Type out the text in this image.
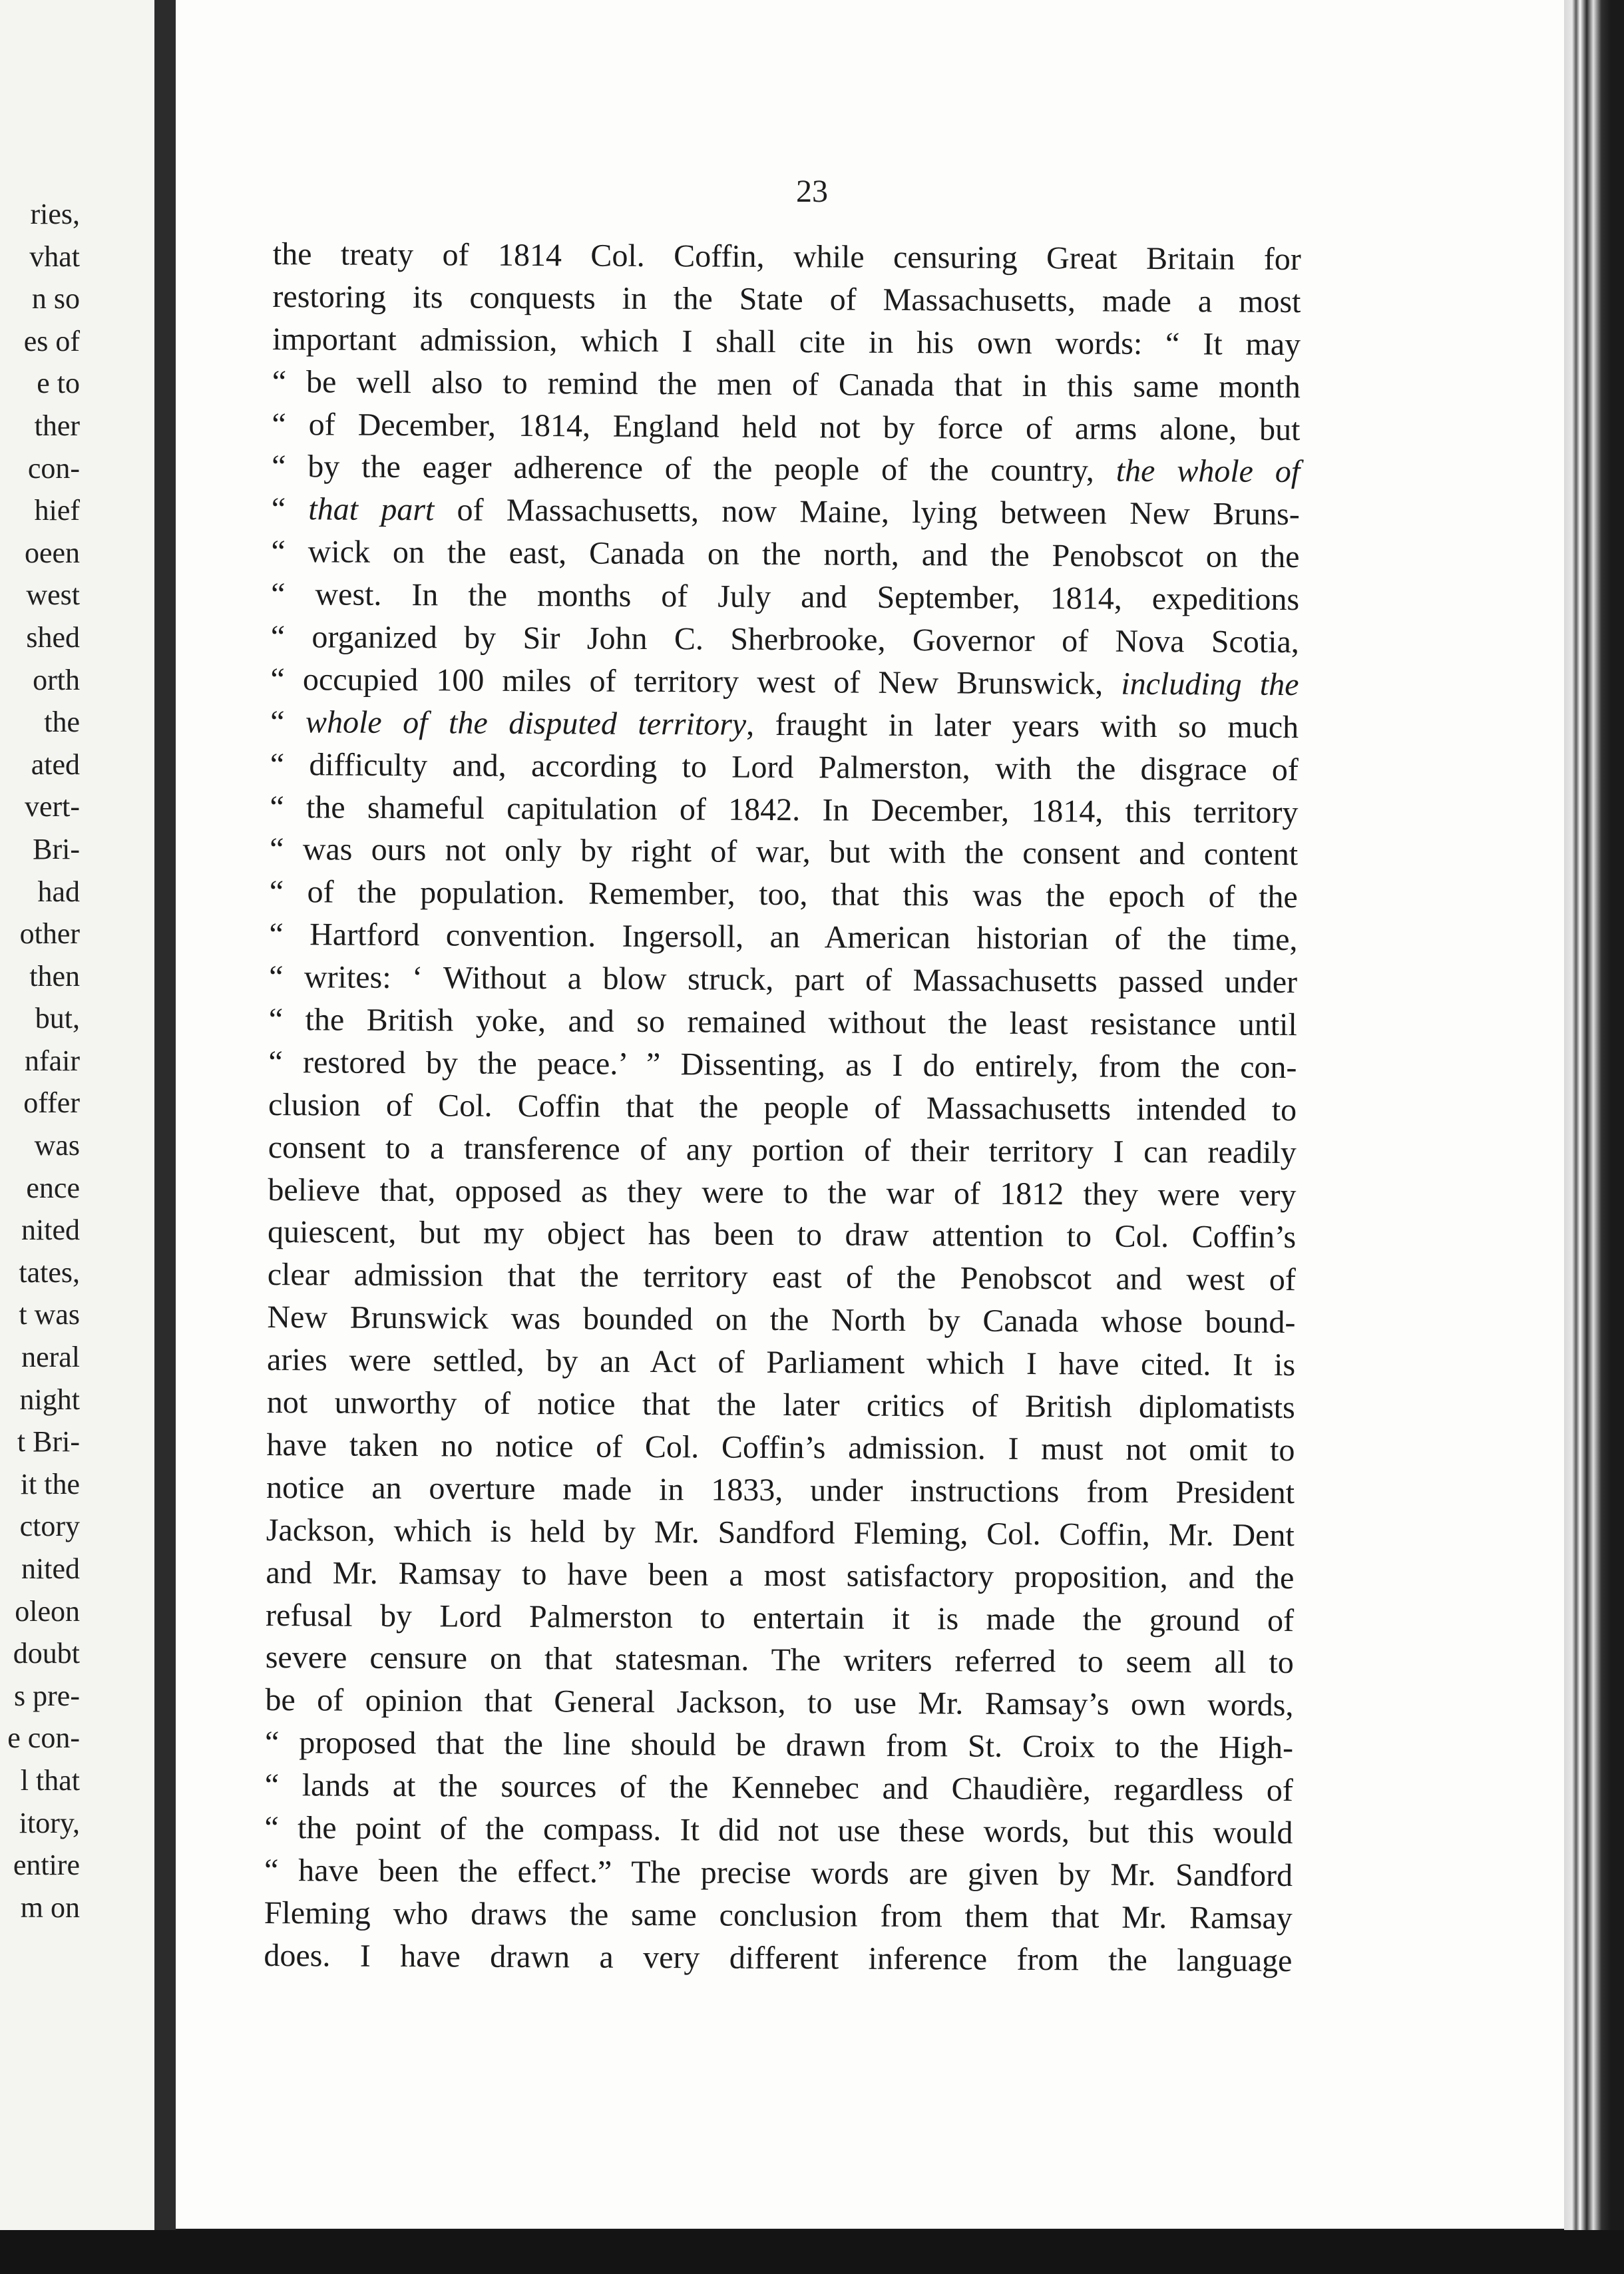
ries,
vhat
n so
es of
e to
ther
con-
hief
oeen
west
shed
orth
the
ated
vert-
Bri-
had
other
then
but,
nfair
offer
was
ence
nited
tates,
t was
neral
night
t Bri-
it the
ctory
nited
oleon
doubt
s pre-
e con-
l that
itory,
entire
m on
23
the treaty of 1814 Col. Coffin, while censuring Great Britain for
restoring its conquests in the State of Massachusetts, made a most
important admission, which I shall cite in his own words: “ It may
“ be well also to remind the men of Canada that in this same month
“ of December, 1814, England held not by force of arms alone, but
“ by the eager adherence of the people of the country, the whole of
“ that part of Massachusetts, now Maine, lying between New Bruns-
“ wick on the east, Canada on the north, and the Penobscot on the
“ west. In the months of July and September, 1814, expeditions
“ organized by Sir John C. Sherbrooke, Governor of Nova Scotia,
“ occupied 100 miles of territory west of New Brunswick, including the
“ whole of the disputed territory, fraught in later years with so much
“ difficulty and, according to Lord Palmerston, with the disgrace of
“ the shameful capitulation of 1842. In December, 1814, this territory
“ was ours not only by right of war, but with the consent and content
“ of the population. Remember, too, that this was the epoch of the
“ Hartford convention. Ingersoll, an American historian of the time,
“ writes: ‘ Without a blow struck, part of Massachusetts passed under
“ the British yoke, and so remained without the least resistance until
“ restored by the peace.’ ” Dissenting, as I do entirely, from the con-
clusion of Col. Coffin that the people of Massachusetts intended to
consent to a transference of any portion of their territory I can readily
believe that, opposed as they were to the war of 1812 they were very
quiescent, but my object has been to draw attention to Col. Coffin’s
clear admission that the territory east of the Penobscot and west of
New Brunswick was bounded on the North by Canada whose bound-
aries were settled, by an Act of Parliament which I have cited. It is
not unworthy of notice that the later critics of British diplomatists
have taken no notice of Col. Coffin’s admission. I must not omit to
notice an overture made in 1833, under instructions from President
Jackson, which is held by Mr. Sandford Fleming, Col. Coffin, Mr. Dent
and Mr. Ramsay to have been a most satisfactory proposition, and the
refusal by Lord Palmerston to entertain it is made the ground of
severe censure on that statesman. The writers referred to seem all to
be of opinion that General Jackson, to use Mr. Ramsay’s own words,
“ proposed that the line should be drawn from St. Croix to the High-
“ lands at the sources of the Kennebec and Chaudière, regardless of
“ the point of the compass. It did not use these words, but this would
“ have been the effect.” The precise words are given by Mr. Sandford
Fleming who draws the same conclusion from them that Mr. Ramsay
does. I have drawn a very different inference from the language
